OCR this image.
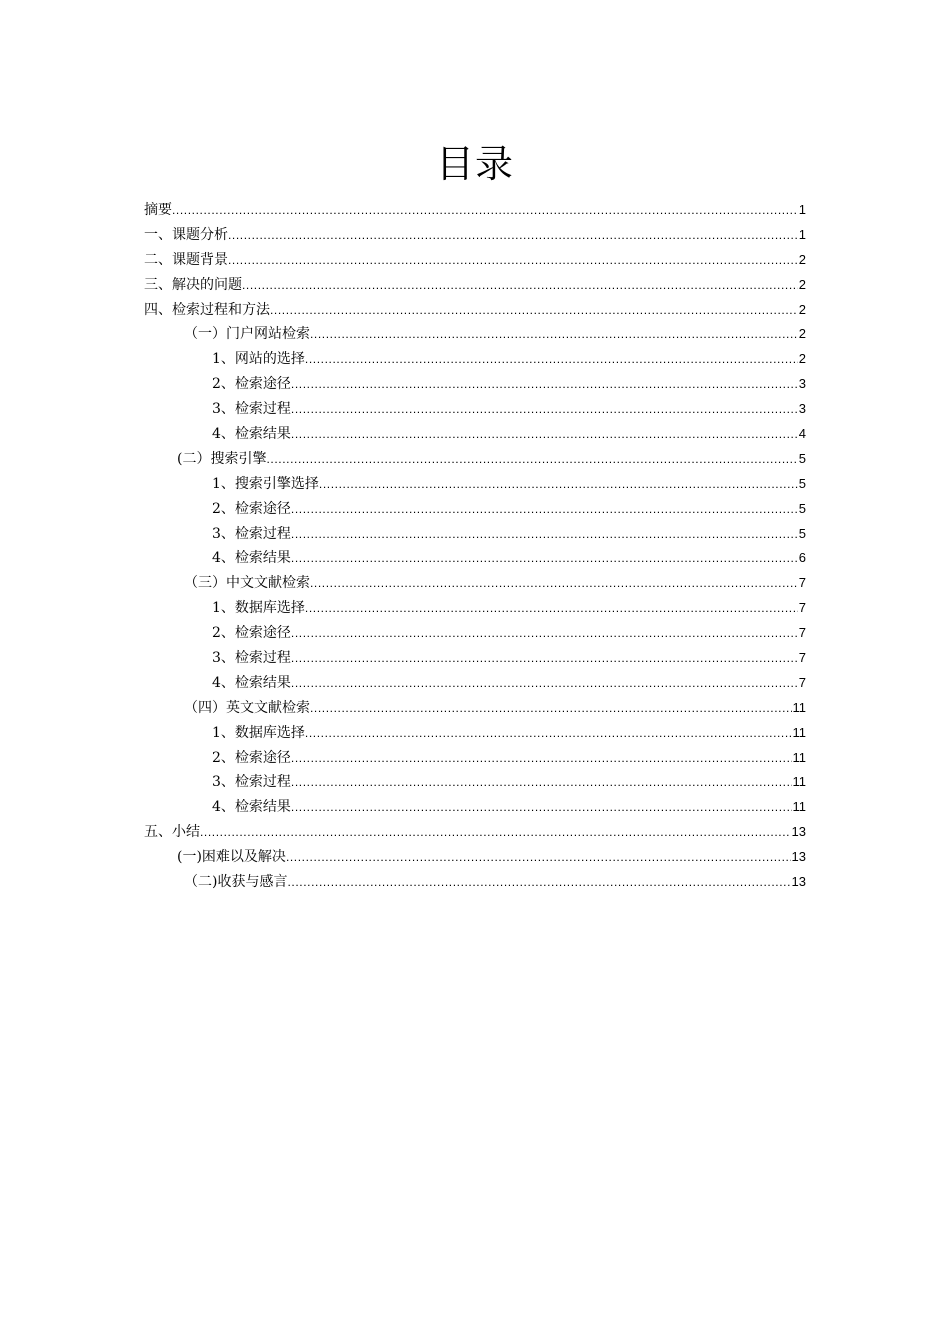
目录
摘要 .....	1
一、课题分析 .....	1
二、课题背景 .....	2
三、解决的问题 .....	2
四、检索过程和方法 .....	2
（一）门户网站检索 .....	2
1、网站的选择 .....	2
2、检索途径 .....	3
3、检索过程 .....	3
4、检索结果 .....	4
(二）搜索引擎 .....	5
1、搜索引擎选择 .....	5
2、检索途径 .....	5
3、检索过程 .....	5
4、检索结果 .....	6
（三）中文文献检索 .....	7
1、数据库选择 .....	7
2、检索途径 .....	7
3、检索过程 .....	7
4、检索结果 .....	7
（四）英文文献检索 .....	11
1、数据库选择 .....	11
2、检索途径 .....	11
3、检索过程 .....	11
4、检索结果 .....	11
五、小结 .....	13
(一)困难以及解决 .....	13
（二)收获与感言 .....	13
